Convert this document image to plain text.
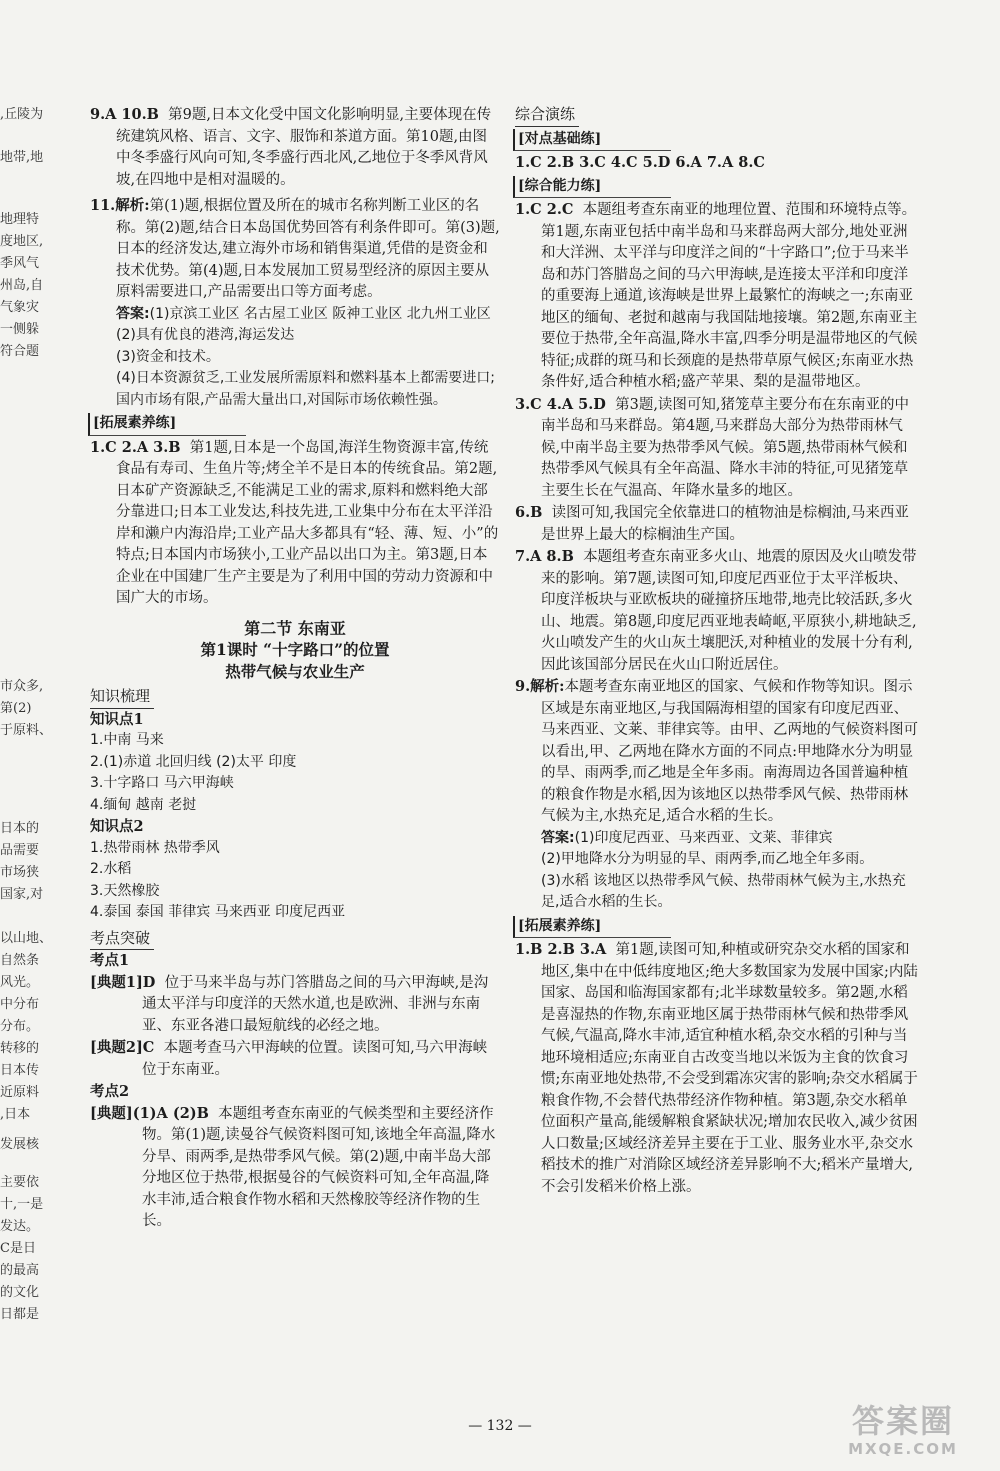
,丘陵为
地带,地
地理特
度地区,
季风气
州岛,自
气象灾
一侧躲
符合题
市众多,
第(2)
于原料、
日本的
品需要
市场狭
国家,对
以山地、
自然条
风光。
中分布
分布。
转移的
日本传
近原料
,日本
发展核
主要依
十,一是
发达。
C是日
的最高
的文化
日都是

9.A 10.B 第9题,日本文化受中国文化影响明显,主要体现在传统建筑风格、语言、文字、服饰和茶道方面。第10题,由图中冬季盛行风向可知,冬季盛行西北风,乙地位于冬季风背风坡,在四地中是相对温暖的。

11.解析:第(1)题,根据位置及所在的城市名称判断工业区的名称。第(2)题,结合日本岛国优势回答有利条件即可。第(3)题,日本的经济发达,建立海外市场和销售渠道,凭借的是资金和技术优势。第(4)题,日本发展加工贸易型经济的原因主要从原料需要进口,产品需要出口等方面考虑。

答案:(1)京滨工业区 名古屋工业区 阪神工业区 北九州工业区

(2)具有优良的港湾,海运发达

(3)资金和技术。

(4)日本资源贫乏,工业发展所需原料和燃料基本上都需要进口;国内市场有限,产品需大量出口,对国际市场依赖性强。

[拓展素养练]

1.C 2.A 3.B 第1题,日本是一个岛国,海洋生物资源丰富,传统食品有寿司、生鱼片等;烤全羊不是日本的传统食品。第2题,日本矿产资源缺乏,不能满足工业的需求,原料和燃料绝大部分靠进口;日本工业发达,科技先进,工业集中分布在太平洋沿岸和濑户内海沿岸;工业产品大多都具有“轻、薄、短、小”的特点;日本国内市场狭小,工业产品以出口为主。第3题,日本企业在中国建厂生产主要是为了利用中国的劳动力资源和中国广大的市场。

第二节 东南亚

第1课时 “十字路口”的位置

热带气候与农业生产

知识梳理

知识点1

1.中南 马来
2.(1)赤道 北回归线 (2)太平 印度
3.十字路口 马六甲海峡
4.缅甸 越南 老挝

知识点2

1.热带雨林 热带季风
2.水稻
3.天然橡胶
4.泰国 泰国 菲律宾 马来西亚 印度尼西亚
考点突破

考点1

[典题1]D 位于马来半岛与苏门答腊岛之间的马六甲海峡,是沟通太平洋与印度洋的天然水道,也是欧洲、非洲与东南亚、东亚各港口最短航线的必经之地。

[典题2]C 本题考查马六甲海峡的位置。读图可知,马六甲海峡位于东南亚。

考点2

[典题](1)A (2)B 本题组考查东南亚的气候类型和主要经济作物。第(1)题,读曼谷气候资料图可知,该地全年高温,降水分旱、雨两季,是热带季风气候。第(2)题,中南半岛大部分地区位于热带,根据曼谷的气候资料可知,全年高温,降水丰沛,适合粮食作物水稻和天然橡胶等经济作物的生长。

综合演练
[对点基础练]

1.C 2.B 3.C 4.C 5.D 6.A 7.A 8.C

[综合能力练]

1.C 2.C 本题组考查东南亚的地理位置、范围和环境特点等。第1题,东南亚包括中南半岛和马来群岛两大部分,地处亚洲和大洋洲、太平洋与印度洋之间的“十字路口”;位于马来半岛和苏门答腊岛之间的马六甲海峡,是连接太平洋和印度洋的重要海上通道,该海峡是世界上最繁忙的海峡之一;东南亚地区的缅甸、老挝和越南与我国陆地接壤。第2题,东南亚主要位于热带,全年高温,降水丰富,四季分明是温带地区的气候特征;成群的斑马和长颈鹿的是热带草原气候区;东南亚水热条件好,适合种植水稻;盛产苹果、梨的是温带地区。

3.C 4.A 5.D 第3题,读图可知,猪笼草主要分布在东南亚的中南半岛和马来群岛。第4题,马来群岛大部分为热带雨林气候,中南半岛主要为热带季风气候。第5题,热带雨林气候和热带季风气候具有全年高温、降水丰沛的特征,可见猪笼草主要生长在气温高、年降水量多的地区。

6.B 读图可知,我国完全依靠进口的植物油是棕榈油,马来西亚是世界上最大的棕榈油生产国。

7.A 8.B 本题组考查东南亚多火山、地震的原因及火山喷发带来的影响。第7题,读图可知,印度尼西亚位于太平洋板块、印度洋板块与亚欧板块的碰撞挤压地带,地壳比较活跃,多火山、地震。第8题,印度尼西亚地表崎岖,平原狭小,耕地缺乏,火山喷发产生的火山灰土壤肥沃,对种植业的发展十分有利,因此该国部分居民在火山口附近居住。

9.解析:本题考查东南亚地区的国家、气候和作物等知识。图示区域是东南亚地区,与我国隔海相望的国家有印度尼西亚、马来西亚、文莱、菲律宾等。由甲、乙两地的气候资料图可以看出,甲、乙两地在降水方面的不同点:甲地降水分为明显的旱、雨两季,而乙地是全年多雨。南海周边各国普遍种植的粮食作物是水稻,因为该地区以热带季风气候、热带雨林气候为主,水热充足,适合水稻的生长。

答案:(1)印度尼西亚、马来西亚、文莱、菲律宾

(2)甲地降水分为明显的旱、雨两季,而乙地全年多雨。

(3)水稻 该地区以热带季风气候、热带雨林气候为主,水热充足,适合水稻的生长。

[拓展素养练]

1.B 2.B 3.A 第1题,读图可知,种植或研究杂交水稻的国家和地区,集中在中低纬度地区;绝大多数国家为发展中国家;内陆国家、岛国和临海国家都有;北半球数量较多。第2题,水稻是喜湿热的作物,东南亚地区属于热带雨林气候和热带季风气候,气温高,降水丰沛,适宜种植水稻,杂交水稻的引种与当地环境相适应;东南亚自古改变当地以米饭为主食的饮食习惯;东南亚地处热带,不会受到霜冻灾害的影响;杂交水稻属于粮食作物,不会替代热带经济作物种植。第3题,杂交水稻单位面积产量高,能缓解粮食紧缺状况;增加农民收入,减少贫困人口数量;区域经济差异主要在于工业、服务业水平,杂交水稻技术的推广对消除区域经济差异影响不大;稻米产量增大,不会引发稻米价格上涨。

— 132 —	答案圈
MXQE.COM
